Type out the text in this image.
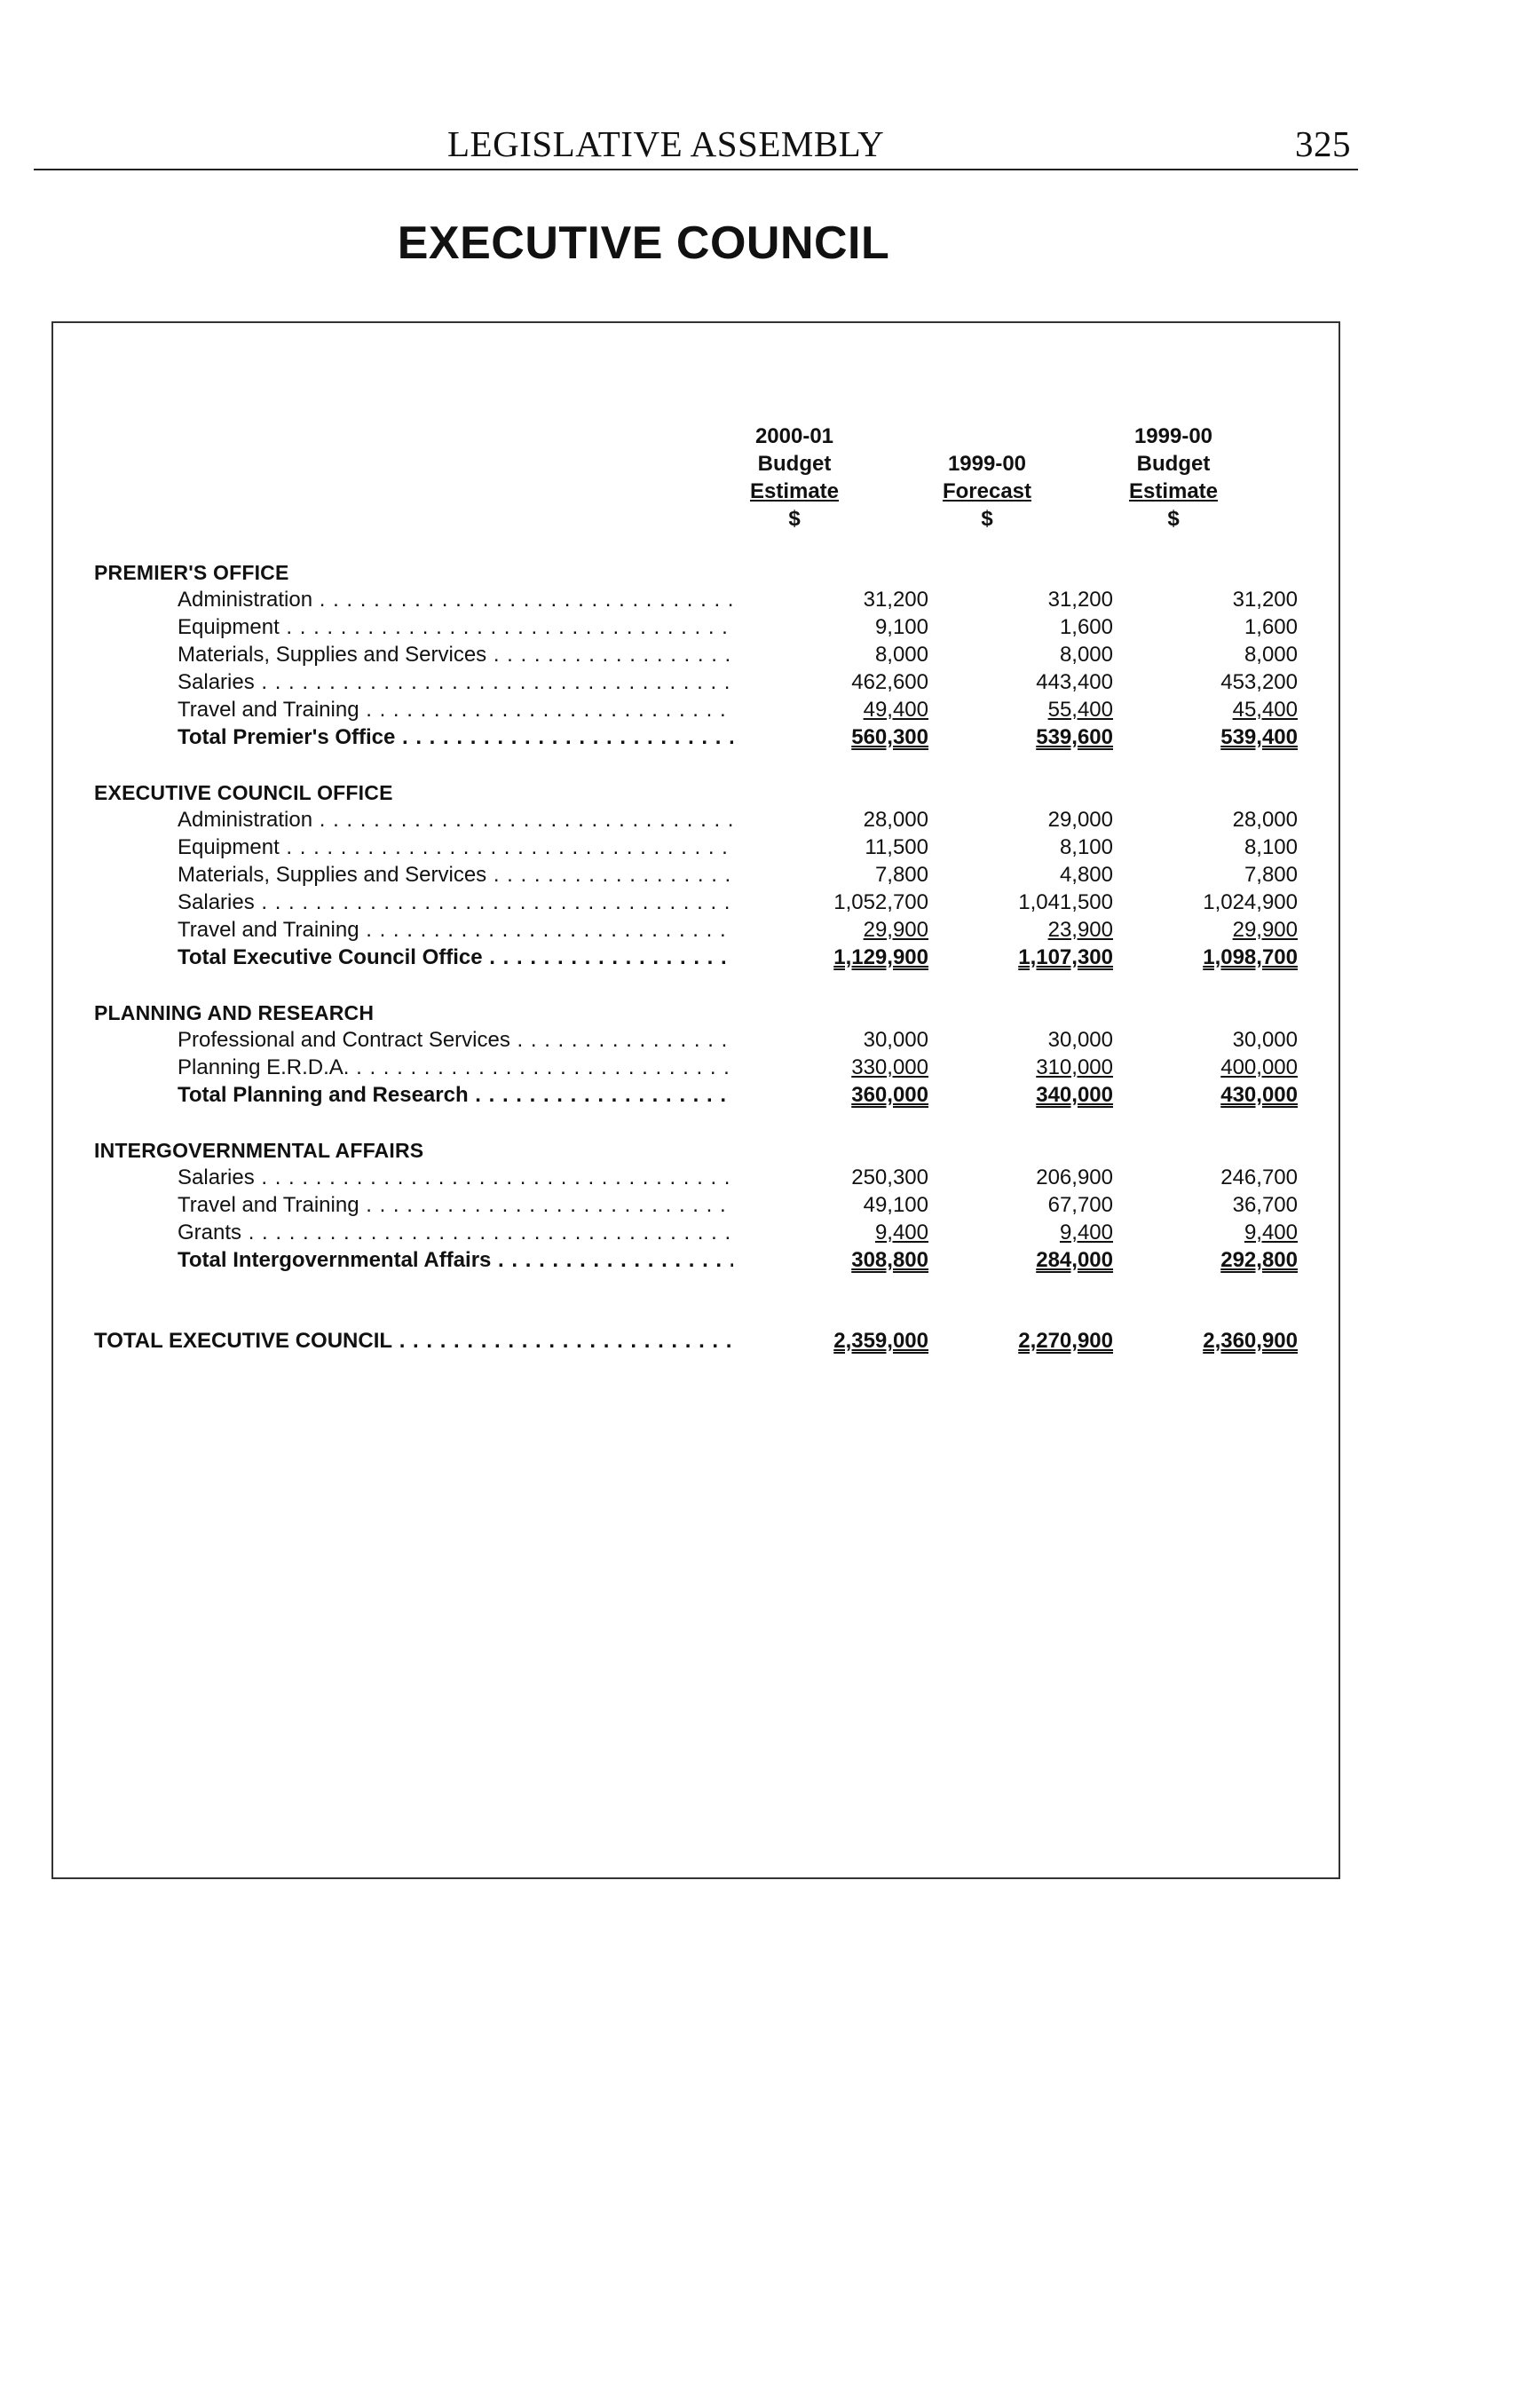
LEGISLATIVE ASSEMBLY	325
EXECUTIVE COUNCIL
2000-01
Budget
Estimate
$
1999-00
Forecast
$
1999-00
Budget
Estimate
$
PREMIER'S OFFICE
Administration . . .	31,200	31,200	31,200
Equipment . . .	9,100	1,600	1,600
Materials, Supplies and Services . . .	8,000	8,000	8,000
Salaries . . .	462,600	443,400	453,200
Travel and Training . . .	49,400	55,400	45,400
Total Premier's Office . . .	560,300	539,600	539,400
EXECUTIVE COUNCIL OFFICE
Administration . . .	28,000	29,000	28,000
Equipment . . .	11,500	8,100	8,100
Materials, Supplies and Services . . .	7,800	4,800	7,800
Salaries . . .	1,052,700	1,041,500	1,024,900
Travel and Training . . .	29,900	23,900	29,900
Total Executive Council Office . . .	1,129,900	1,107,300	1,098,700
PLANNING AND RESEARCH
Professional and Contract Services . . .	30,000	30,000	30,000
Planning E.R.D.A. . . .	330,000	310,000	400,000
Total Planning and Research . . .	360,000	340,000	430,000
INTERGOVERNMENTAL AFFAIRS
Salaries . . .	250,300	206,900	246,700
Travel and Training . . .	49,100	67,700	36,700
Grants . . .	9,400	9,400	9,400
Total Intergovernmental Affairs . . .	308,800	284,000	292,800
TOTAL EXECUTIVE COUNCIL . . .	2,359,000	2,270,900	2,360,900
